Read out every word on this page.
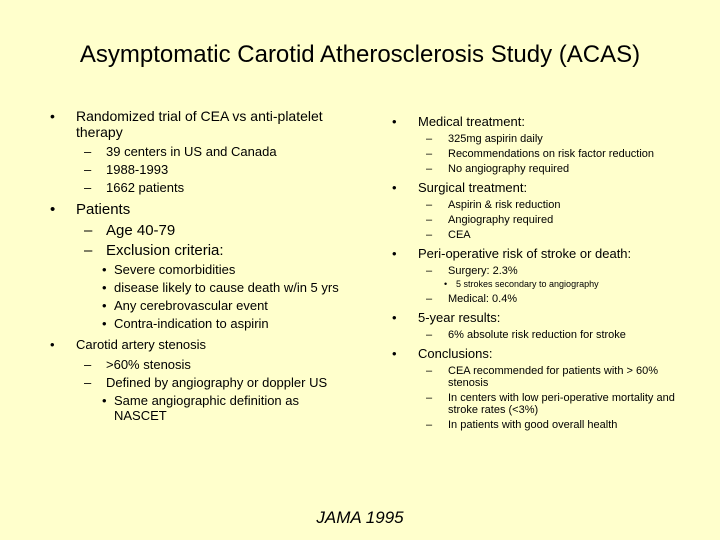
Asymptomatic Carotid Atherosclerosis Study (ACAS)
• Randomized trial of CEA vs anti-platelet therapy
– 39 centers in US and Canada
– 1988-1993
– 1662 patients
• Patients
– Age 40-79
– Exclusion criteria:
• Severe comorbidities
• disease likely to cause death w/in 5 yrs
• Any cerebrovascular event
• Contra-indication to aspirin
• Carotid artery stenosis
– >60% stenosis
– Defined by angiography or doppler US
• Same angiographic definition as NASCET
• Medical treatment:
– 325mg aspirin daily
– Recommendations on risk factor reduction
– No angiography required
• Surgical treatment:
– Aspirin & risk reduction
– Angiography required
– CEA
• Peri-operative risk of stroke or death:
– Surgery: 2.3%
• 5 strokes secondary to angiography
– Medical: 0.4%
• 5-year results:
– 6% absolute risk reduction for stroke
• Conclusions:
– CEA recommended for patients with > 60% stenosis
– In centers with low peri-operative mortality and stroke rates (<3%)
– In patients with good overall health
JAMA 1995
